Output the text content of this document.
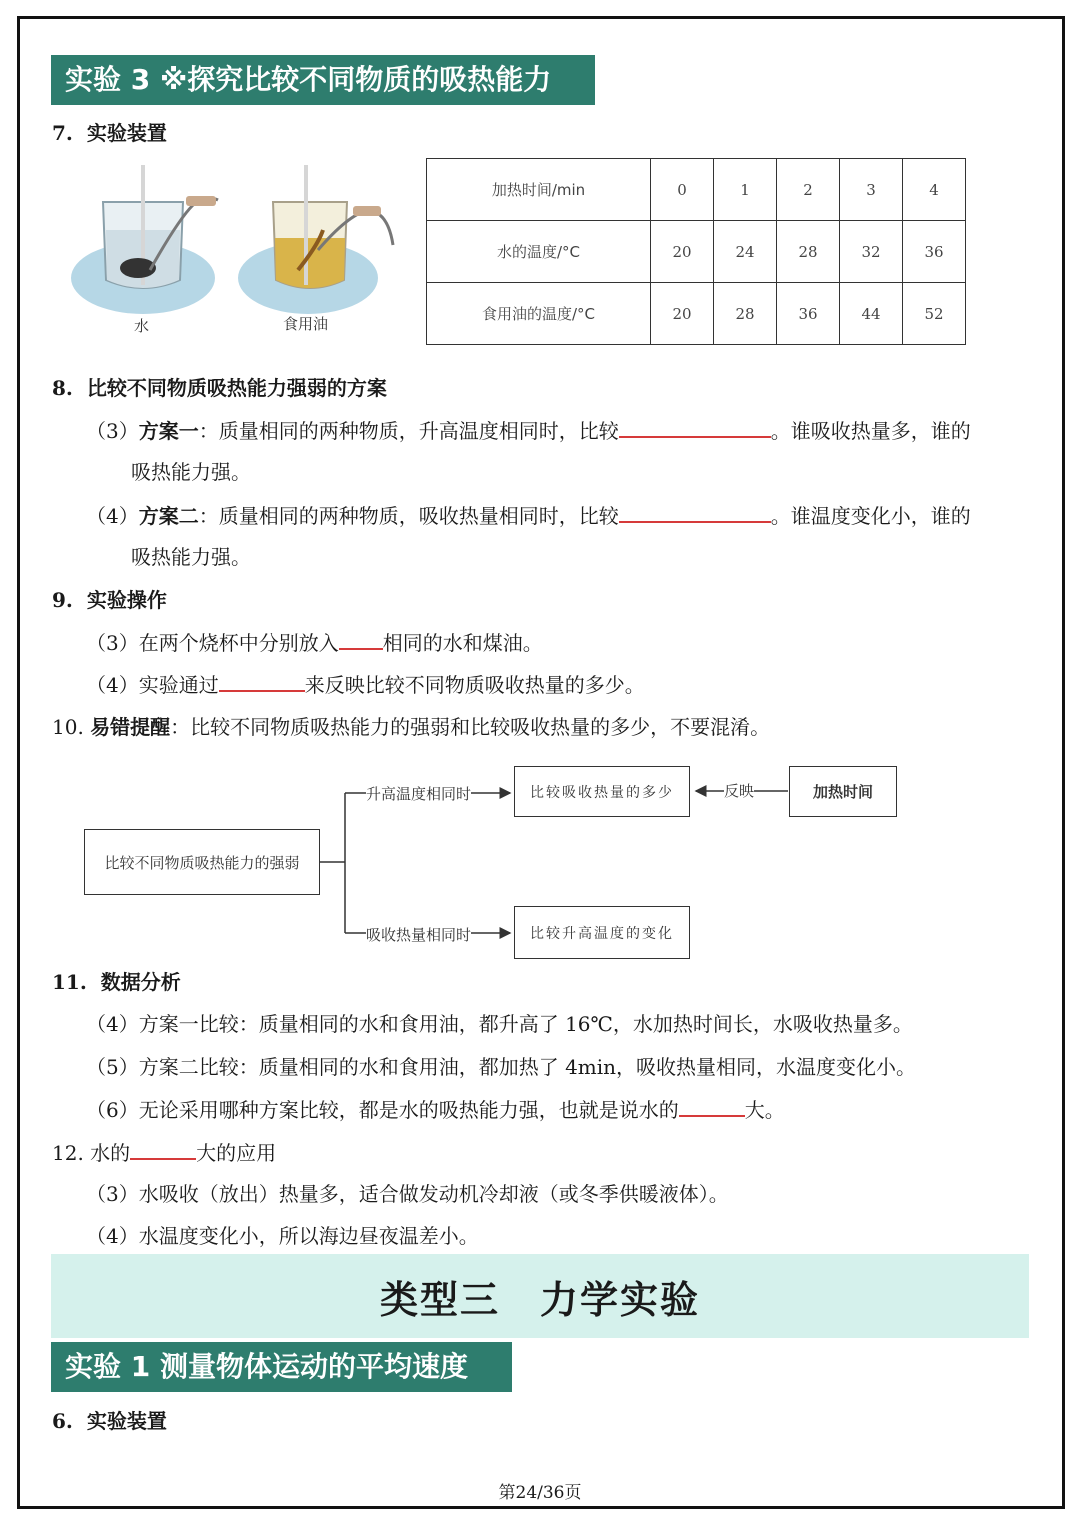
实验 3 ※探究比较不同物质的吸热能力
7. 实验装置
水	食用油
加热时间/min	0	1	2	3	4
水的温度/°C	20	24	28	32	36
食用油的温度/°C	20	28	36	44	52
8. 比较不同物质吸热能力强弱的方案
（3）方案一：质量相同的两种物质，升高温度相同时，比较	。谁吸收热量多，谁的
吸热能力强。
（4）方案二：质量相同的两种物质，吸收热量相同时，比较	。谁温度变化小，谁的
吸热能力强。
9. 实验操作
（3）在两个烧杯中分别放入 相同的水和煤油。
（4）实验通过	来反映比较不同物质吸收热量的多少。
10. 易错提醒：比较不同物质吸热能力的强弱和比较吸收热量的多少，不要混淆。
比较不同物质吸热能力的强弱
升高温度相同时
吸收热量相同时
比较吸收热量的多少
比较升高温度的变化
反映	加热时间
11. 数据分析
（4）方案一比较：质量相同的水和食用油，都升高了 16℃，水加热时间长，水吸收热量多。
（5）方案二比较：质量相同的水和食用油，都加热了 4min，吸收热量相同，水温度变化小。
（6）无论采用哪种方案比较，都是水的吸热能力强，也就是说水的	大。
12. 水的	大的应用
（3）水吸收（放出）热量多，适合做发动机冷却液（或冬季供暖液体）。
（4）水温度变化小，所以海边昼夜温差小。
类型三　力学实验
实验 1 测量物体运动的平均速度
6. 实验装置
第24/36页
